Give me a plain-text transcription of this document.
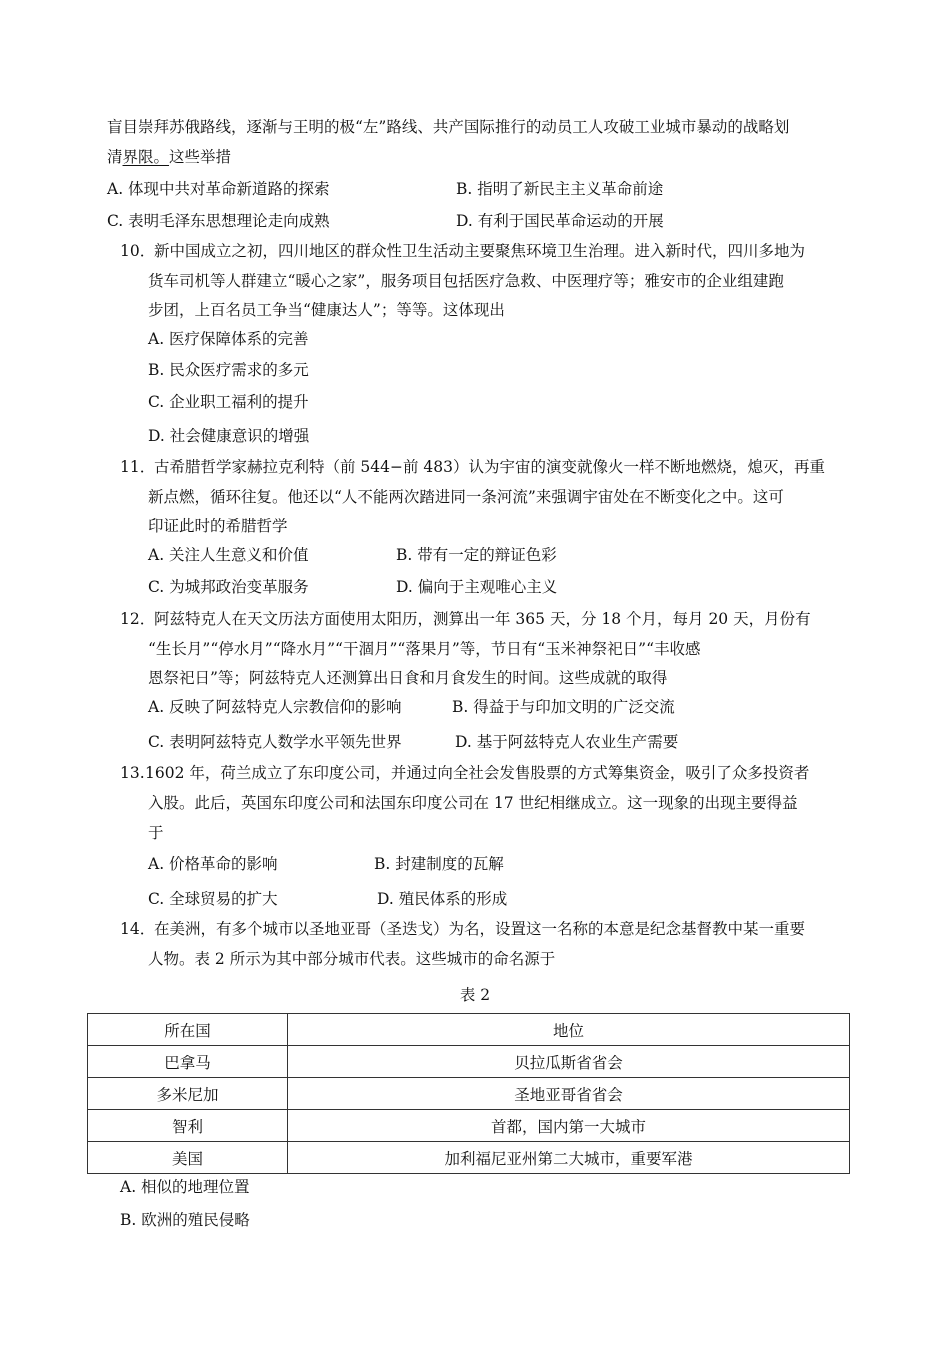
盲目崇拜苏俄路线，逐渐与王明的极“左”路线、共产国际推行的动员工人攻破工业城市暴动的战略划
清界限。这些举措
A. 体现中共对革命新道路的探索	B. 指明了新民主主义革命前途
C. 表明毛泽东思想理论走向成熟	D. 有利于国民革命运动的开展
10．
新中国成立之初，四川地区的群众性卫生活动主要聚焦环境卫生治理。进入新时代，四川多地为
货车司机等人群建立“暖心之家”，服务项目包括医疗急救、中医理疗等；雅安市的企业组建跑
步团，上百名员工争当“健康达人”；等等。这体现出
A. 医疗保障体系的完善
B. 民众医疗需求的多元
C. 企业职工福利的提升
D. 社会健康意识的增强
11．
古希腊哲学家赫拉克利特（前 544−前 483）认为宇宙的演变就像火一样不断地燃烧，熄灭，再重
新点燃，循环往复。他还以“人不能两次踏进同一条河流”来强调宇宙处在不断变化之中。这可
印证此时的希腊哲学
A. 关注人生意义和价值	B. 带有一定的辩证色彩
C. 为城邦政治变革服务	D. 偏向于主观唯心主义
12．
阿兹特克人在天文历法方面使用太阳历，测算出一年 365 天，分 18 个月，每月 20 天，月份有
“生长月”“停水月”“降水月”“干涸月”“落果月”等，节日有“玉米神祭祀日”“丰收感
恩祭祀日”等；阿兹特克人还测算出日食和月食发生的时间。这些成就的取得
A. 反映了阿兹特克人宗教信仰的影响	B. 得益于与印加文明的广泛交流
C. 表明阿兹特克人数学水平领先世界	D. 基于阿兹特克人农业生产需要
13. 1602 年，荷兰成立了东印度公司，并通过向全社会发售股票的方式筹集资金，吸引了众多投资者
入股。此后，英国东印度公司和法国东印度公司在 17 世纪相继成立。这一现象的出现主要得益
于
A. 价格革命的影响	B. 封建制度的瓦解
C. 全球贸易的扩大	D. 殖民体系的形成
14．
在美洲，有多个城市以圣地亚哥（圣迭戈）为名，设置这一名称的本意是纪念基督教中某一重要
人物。表 2 所示为其中部分城市代表。这些城市的命名源于
表 2
所在国	地位
巴拿马	贝拉瓜斯省省会
多米尼加	圣地亚哥省省会
智利	首都，国内第一大城市
美国	加利福尼亚州第二大城市，重要军港
A. 相似的地理位置
B. 欧洲的殖民侵略
